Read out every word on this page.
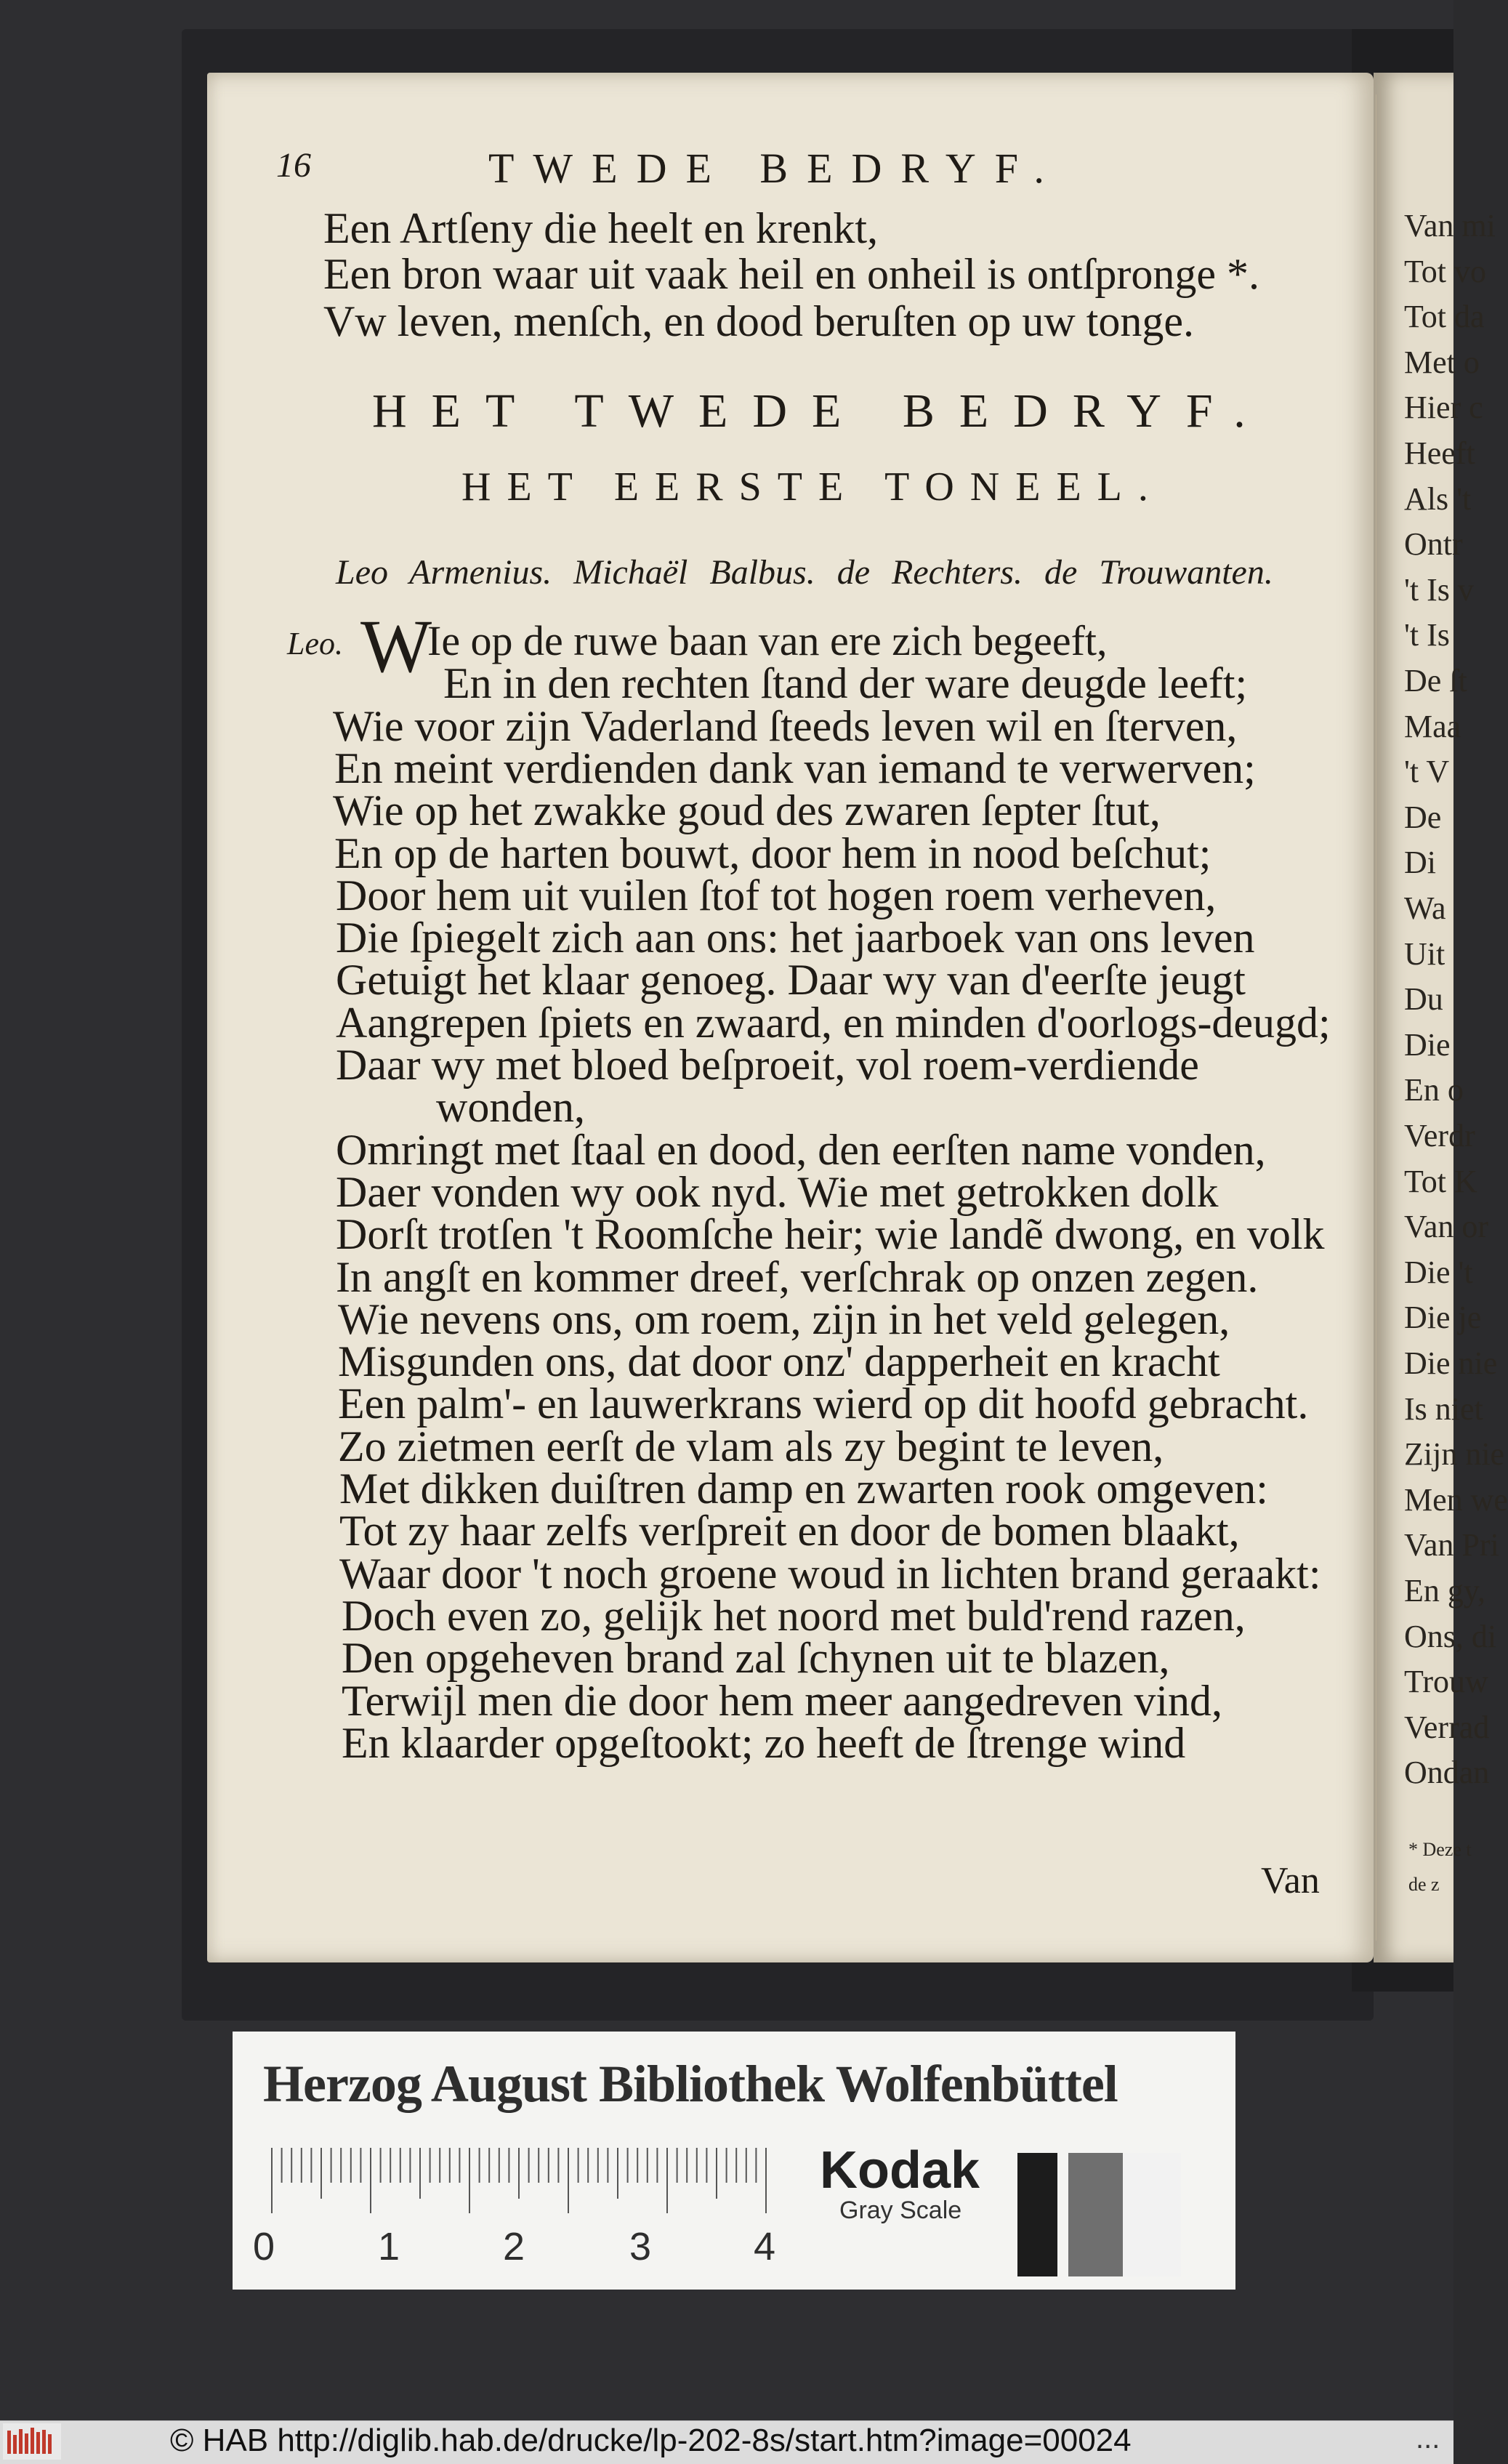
Van mi
Tot vo
Tot da
Met o
Hier c
Heeft
Als 't
Ontr
't Is v
't Is
De ſt
Maa
't V
De
Di
Wa
Uit
Du
Die
En o
Verdr
Tot K
Van or
Die 't
Die je
Die nie
Is niet
Zijn nie
Men we
Van Pri
En gy,
Ons, di
Trouw
Verrad
Ondan
* Deze t
de z
16	TWEDE BEDRYF.
Een Artſeny die heelt en krenkt,
Een bron waar uit vaak heil en onheil is ontſpronge *.
Vw leven, menſch, en dood beruſten op uw tonge.
HET TWEDE BEDRYF.
HET EERSTE TONEEL.
Leo Armenius. Michaël Balbus. de Rechters. de Trouwanten.
Leo. W
Ie op de ruwe baan van ere zich begeeft,
En in den rechten ſtand der ware deugde leeft;
Wie voor zijn Vaderland ſteeds leven wil en ſterven,
En meint verdienden dank van iemand te verwerven;
Wie op het zwakke goud des zwaren ſepter ſtut,
En op de harten bouwt, door hem in nood beſchut;
Door hem uit vuilen ſtof tot hogen roem verheven,
Die ſpiegelt zich aan ons: het jaarboek van ons leven
Getuigt het klaar genoeg. Daar wy van d'eerſte jeugt
Aangrepen ſpiets en zwaard, en minden d'oorlogs-deugd;
Daar wy met bloed beſproeit, vol roem-verdiende
wonden,
Omringt met ſtaal en dood, den eerſten name vonden,
Daer vonden wy ook nyd. Wie met getrokken dolk
Dorſt trotſen 't Roomſche heir; wie landẽ dwong, en volk
In angſt en kommer dreef, verſchrak op onzen zegen.
Wie nevens ons, om roem, zijn in het veld gelegen,
Misgunden ons, dat door onz' dapperheit en kracht
Een palm'- en lauwerkrans wierd op dit hoofd gebracht.
Zo zietmen eerſt de vlam als zy begint te leven,
Met dikken duiſtren damp en zwarten rook omgeven:
Tot zy haar zelfs verſpreit en door de bomen blaakt,
Waar door 't noch groene woud in lichten brand geraakt:
Doch even zo, gelijk het noord met buld'rend razen,
Den opgeheven brand zal ſchynen uit te blazen,
Terwijl men die door hem meer aangedreven vind,
En klaarder opgeſtookt; zo heeft de ſtrenge wind
Van
Herzog August Bibliothek Wolfenbüttel
0	1	2	3	4
Kodak
Gray Scale
© HAB http://diglib.hab.de/drucke/lp-202-8s/start.htm?image=00024	...
